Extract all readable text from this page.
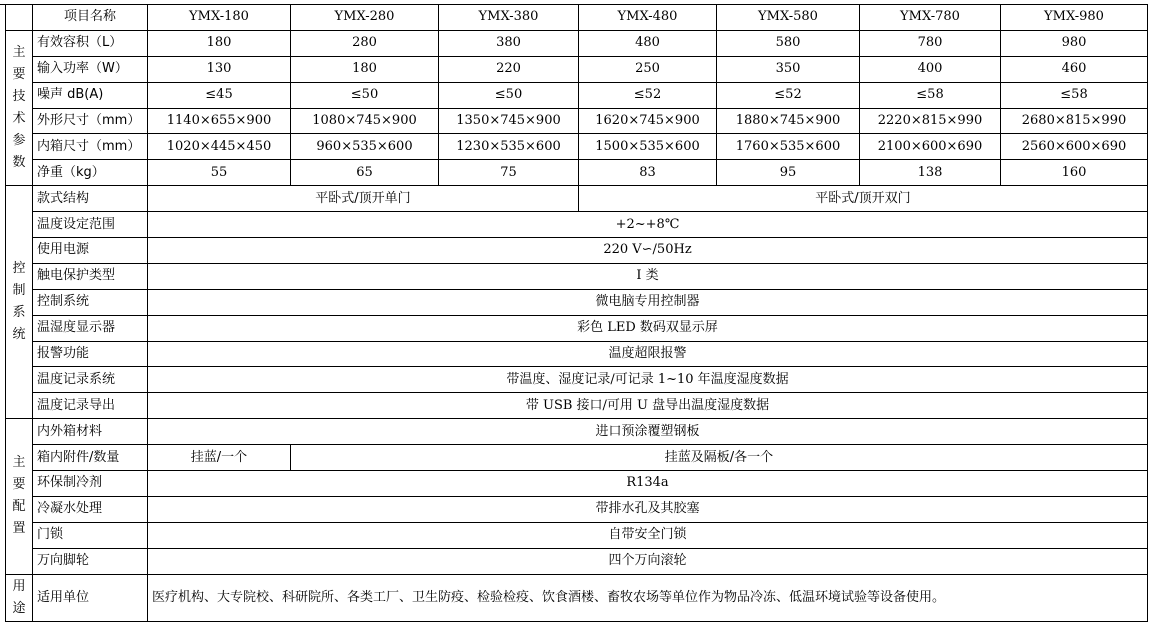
	项目名称	YMX-180	YMX-280	YMX-380	YMX-480	YMX-580	YMX-780	YMX-980
主要技术参数	有效容积（L）	180	280	380	480	580	780	980
	输入功率（W）	130	180	220	250	350	400	460
	噪声 dB(A)	≤45	≤50	≤50	≤52	≤52	≤58	≤58
	外形尺寸（mm）	1140×655×900	1080×745×900	1350×745×900	1620×745×900	1880×745×900	2220×815×990	2680×815×990
	内箱尺寸（mm）	1020×445×450	960×535×600	1230×535×600	1500×535×600	1760×535×600	2100×600×690	2560×600×690
	净重（kg）	55	65	75	83	95	138	160
控制系统	款式结构	平卧式/顶开单门			平卧式/顶开双门			
	温度设定范围	+2~+8℃						
	使用电源	220 V∽/50Hz						
	触电保护类型	I 类						
	控制系统	微电脑专用控制器						
	温湿度显示器	彩色 LED 数码双显示屏						
	报警功能	温度超限报警						
	温度记录系统	带温度、湿度记录/可记录 1~10 年温度湿度数据						
	温度记录导出	带 USB 接口/可用 U 盘导出温度湿度数据						
主要配置	内外箱材料	进口预涂覆塑钢板						
	箱内附件/数量	挂蓝/一个	挂蓝及隔板/各一个					
	环保制冷剂	R134a						
	冷凝水处理	带排水孔及其胶塞						
	门锁	自带安全门锁						
	万向脚轮	四个万向滚轮						
用途	适用单位	医疗机构、大专院校、科研院所、各类工厂、卫生防疫、检验检疫、饮食酒楼、畜牧农场等单位作为物品冷冻、低温环境试验等设备使用。						
